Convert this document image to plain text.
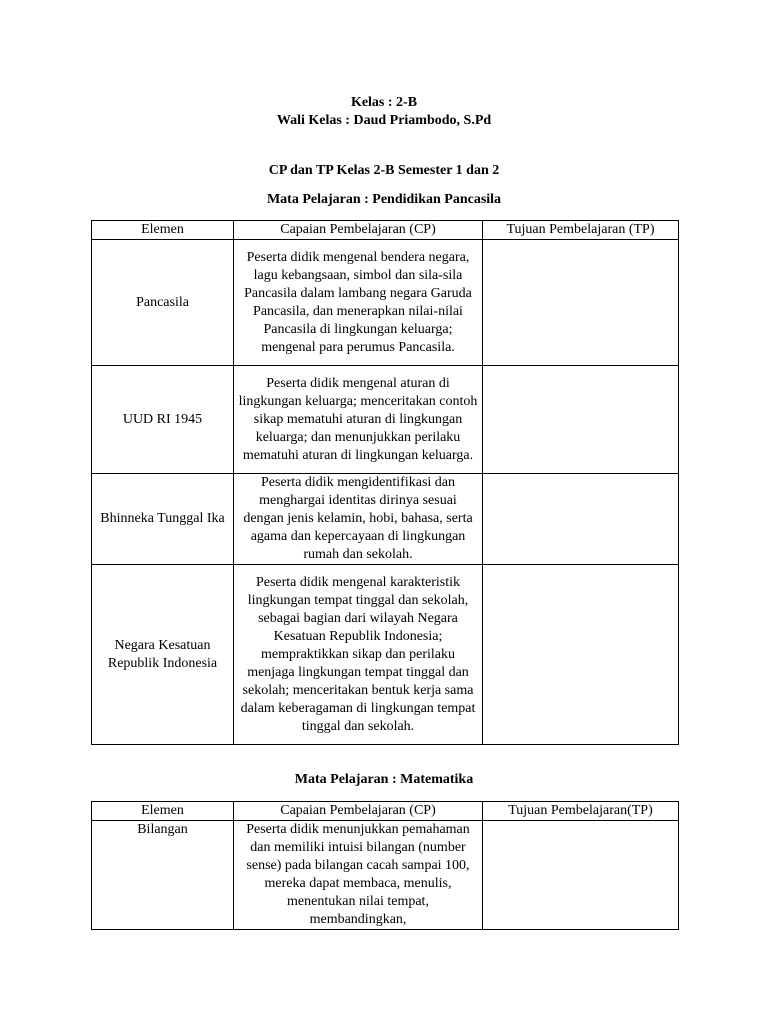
Kelas : 2-B
Wali Kelas : Daud Priambodo, S.Pd
CP dan TP Kelas 2-B Semester 1 dan 2
Mata Pelajaran : Pendidikan Pancasila
Elemen	Capaian Pembelajaran (CP)	Tujuan Pembelajaran (TP)
Pancasila	Peserta didik mengenal bendera negara, lagu kebangsaan, simbol dan sila-sila Pancasila dalam lambang negara Garuda Pancasila, dan menerapkan nilai-nilai Pancasila di lingkungan keluarga; mengenal para perumus Pancasila.	
UUD RI 1945	Peserta didik mengenal aturan di lingkungan keluarga; menceritakan contoh sikap mematuhi aturan di lingkungan keluarga; dan menunjukkan perilaku mematuhi aturan di lingkungan keluarga.	
Bhinneka Tunggal Ika	Peserta didik mengidentifikasi dan menghargai identitas dirinya sesuai dengan jenis kelamin, hobi, bahasa, serta agama dan kepercayaan di lingkungan rumah dan sekolah.	
Negara Kesatuan Republik Indonesia	Peserta didik mengenal karakteristik lingkungan tempat tinggal dan sekolah, sebagai bagian dari wilayah Negara Kesatuan Republik Indonesia; mempraktikkan sikap dan perilaku menjaga lingkungan tempat tinggal dan sekolah; menceritakan bentuk kerja sama dalam keberagaman di lingkungan tempat tinggal dan sekolah.	
Mata Pelajaran : Matematika
Elemen	Capaian Pembelajaran (CP)	Tujuan Pembelajaran(TP)
Bilangan	Peserta didik menunjukkan pemahaman dan memiliki intuisi bilangan (number sense) pada bilangan cacah sampai 100, mereka dapat membaca, menulis, menentukan nilai tempat, membandingkan,	
